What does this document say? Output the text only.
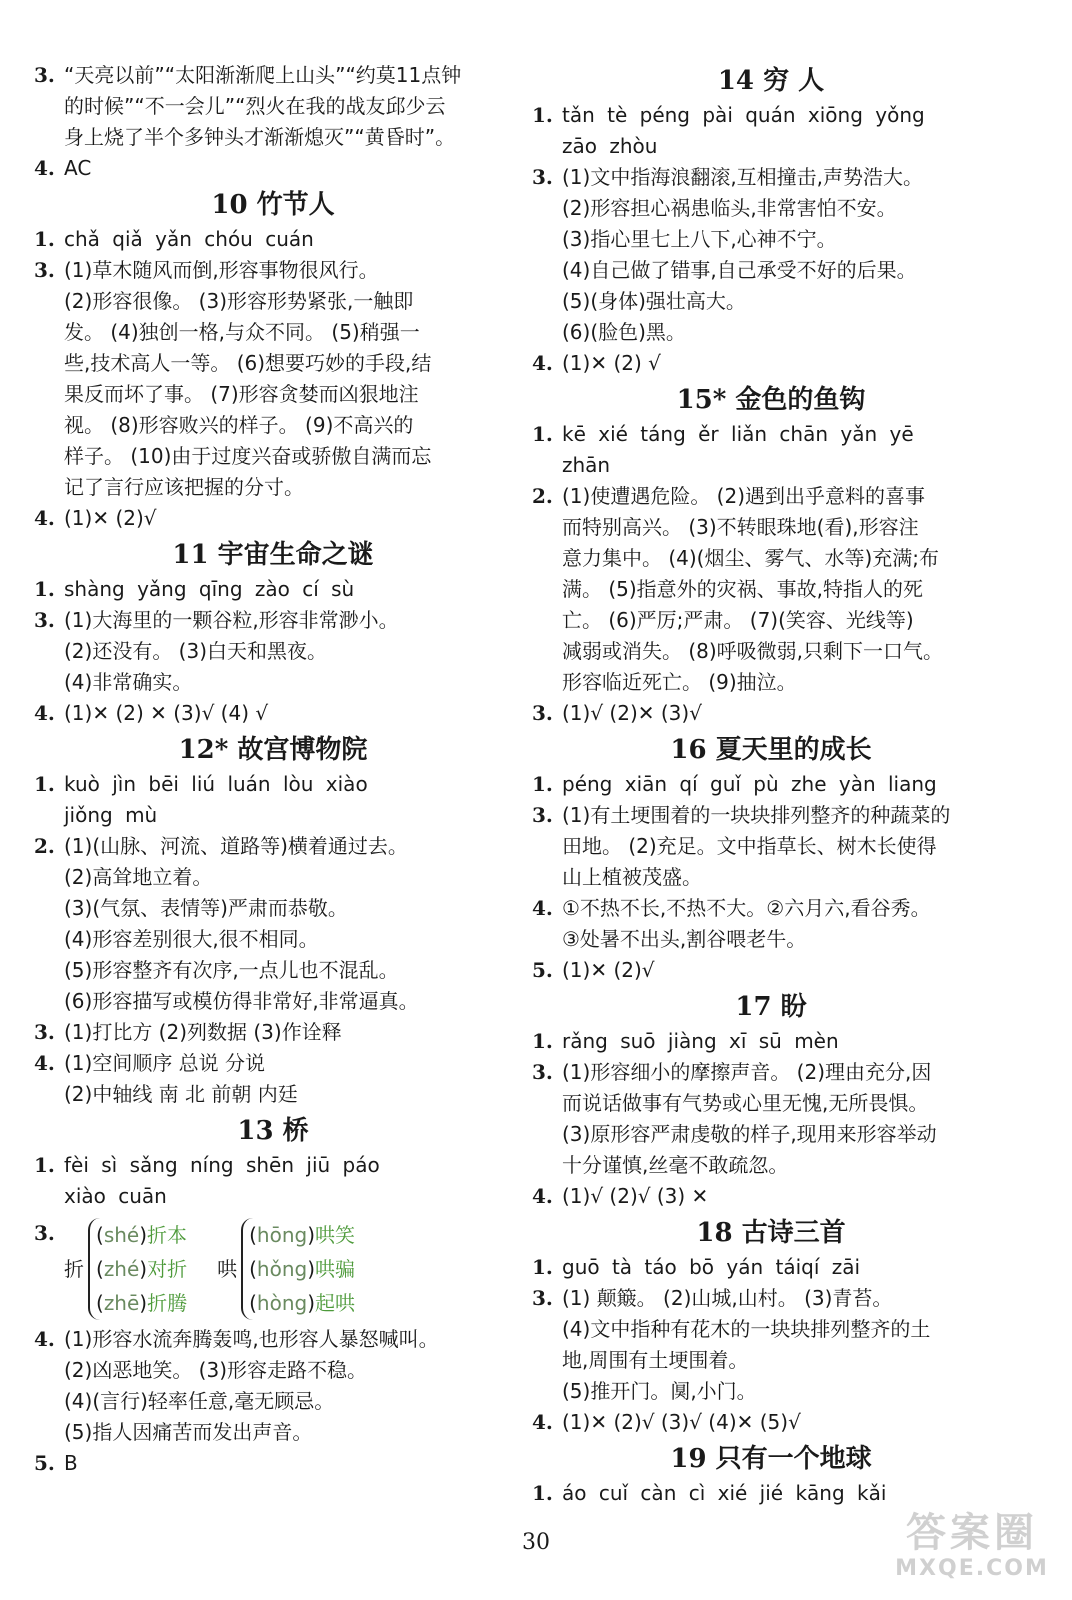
3. “天亮以前”“太阳渐渐爬上山头”“约莫11点钟
的时候”“不一会儿”“烈火在我的战友邱少云
身上烧了半个多钟头才渐渐熄灭”“黄昏时”。
4. AC
10 竹节人
1. chǎ qiǎ yǎn chóu cuán
3. (1)草木随风而倒,形容事物很风行。
(2)形容很像。 (3)形容形势紧张,一触即
发。 (4)独创一格,与众不同。 (5)稍强一
些,技术高人一等。 (6)想要巧妙的手段,结
果反而坏了事。 (7)形容贪婪而凶狠地注
视。 (8)形容败兴的样子。 (9)不高兴的
样子。 (10)由于过度兴奋或骄傲自满而忘
记了言行应该把握的分寸。
4. (1)✕ (2)√
11 宇宙生命之谜
1. shàng yǎng qīng zào cí sù
3. (1)大海里的一颗谷粒,形容非常渺小。
(2)还没有。 (3)白天和黑夜。
(4)非常确实。
4. (1)✕ (2) ✕ (3)√ (4) √
12* 故宫博物院
1. kuò jìn bēi liú luán lòu xiào
jiǒng mù
2. (1)(山脉、河流、道路等)横着通过去。
(2)高耸地立着。
(3)(气氛、表情等)严肃而恭敬。
(4)形容差别很大,很不相同。
(5)形容整齐有次序,一点儿也不混乱。
(6)形容描写或模仿得非常好,非常逼真。
3. (1)打比方 (2)列数据 (3)作诠释
4. (1)空间顺序 总说 分说
(2)中轴线 南 北 前朝 内廷
13 桥
1. fèi sì sǎng níng shēn jiū páo
xiào cuān
3.
折
(shé)折本
(zhé)对折
(zhē)折腾
哄
(hōng)哄笑
(hǒng)哄骗
(hòng)起哄
4. (1)形容水流奔腾轰鸣,也形容人暴怒喊叫。
(2)凶恶地笑。 (3)形容走路不稳。
(4)(言行)轻率任意,毫无顾忌。
(5)指人因痛苦而发出声音。
5. B
14 穷 人
1. tǎn tè péng pài quán xiōng yǒng
zāo zhòu
3. (1)文中指海浪翻滚,互相撞击,声势浩大。
(2)形容担心祸患临头,非常害怕不安。
(3)指心里七上八下,心神不宁。
(4)自己做了错事,自己承受不好的后果。
(5)(身体)强壮高大。
(6)(脸色)黑。
4. (1)✕ (2) √
15* 金色的鱼钩
1. kē xié táng ěr liǎn chān yǎn yē
zhān
2. (1)使遭遇危险。 (2)遇到出乎意料的喜事
而特别高兴。 (3)不转眼珠地(看),形容注
意力集中。 (4)(烟尘、雾气、水等)充满;布
满。 (5)指意外的灾祸、事故,特指人的死
亡。 (6)严厉;严肃。 (7)(笑容、光线等)
减弱或消失。 (8)呼吸微弱,只剩下一口气。
形容临近死亡。 (9)抽泣。
3. (1)√ (2)✕ (3)√
16 夏天里的成长
1. péng xiān qí guǐ pù zhe yàn liang
3. (1)有土埂围着的一块块排列整齐的种蔬菜的
田地。 (2)充足。文中指草长、树木长使得
山上植被茂盛。
4. ①不热不长,不热不大。②六月六,看谷秀。
③处暑不出头,割谷喂老牛。
5. (1)✕ (2)√
17 盼
1. rǎng suō jiàng xī sū mèn
3. (1)形容细小的摩擦声音。 (2)理由充分,因
而说话做事有气势或心里无愧,无所畏惧。
(3)原形容严肃虔敬的样子,现用来形容举动
十分谨慎,丝毫不敢疏忽。
4. (1)√ (2)√ (3) ✕
18 古诗三首
1. guō tà táo bō yán táiqí zāi
3. (1) 颠簸。 (2)山城,山村。 (3)青苔。
(4)文中指种有花木的一块块排列整齐的土
地,周围有土埂围着。
(5)推开门。阒,小门。
4. (1)✕ (2)√ (3)√ (4)✕ (5)√
19 只有一个地球
1. áo cuǐ càn cì xié jié kāng kǎi
30	答案圈
MXQE.COM
